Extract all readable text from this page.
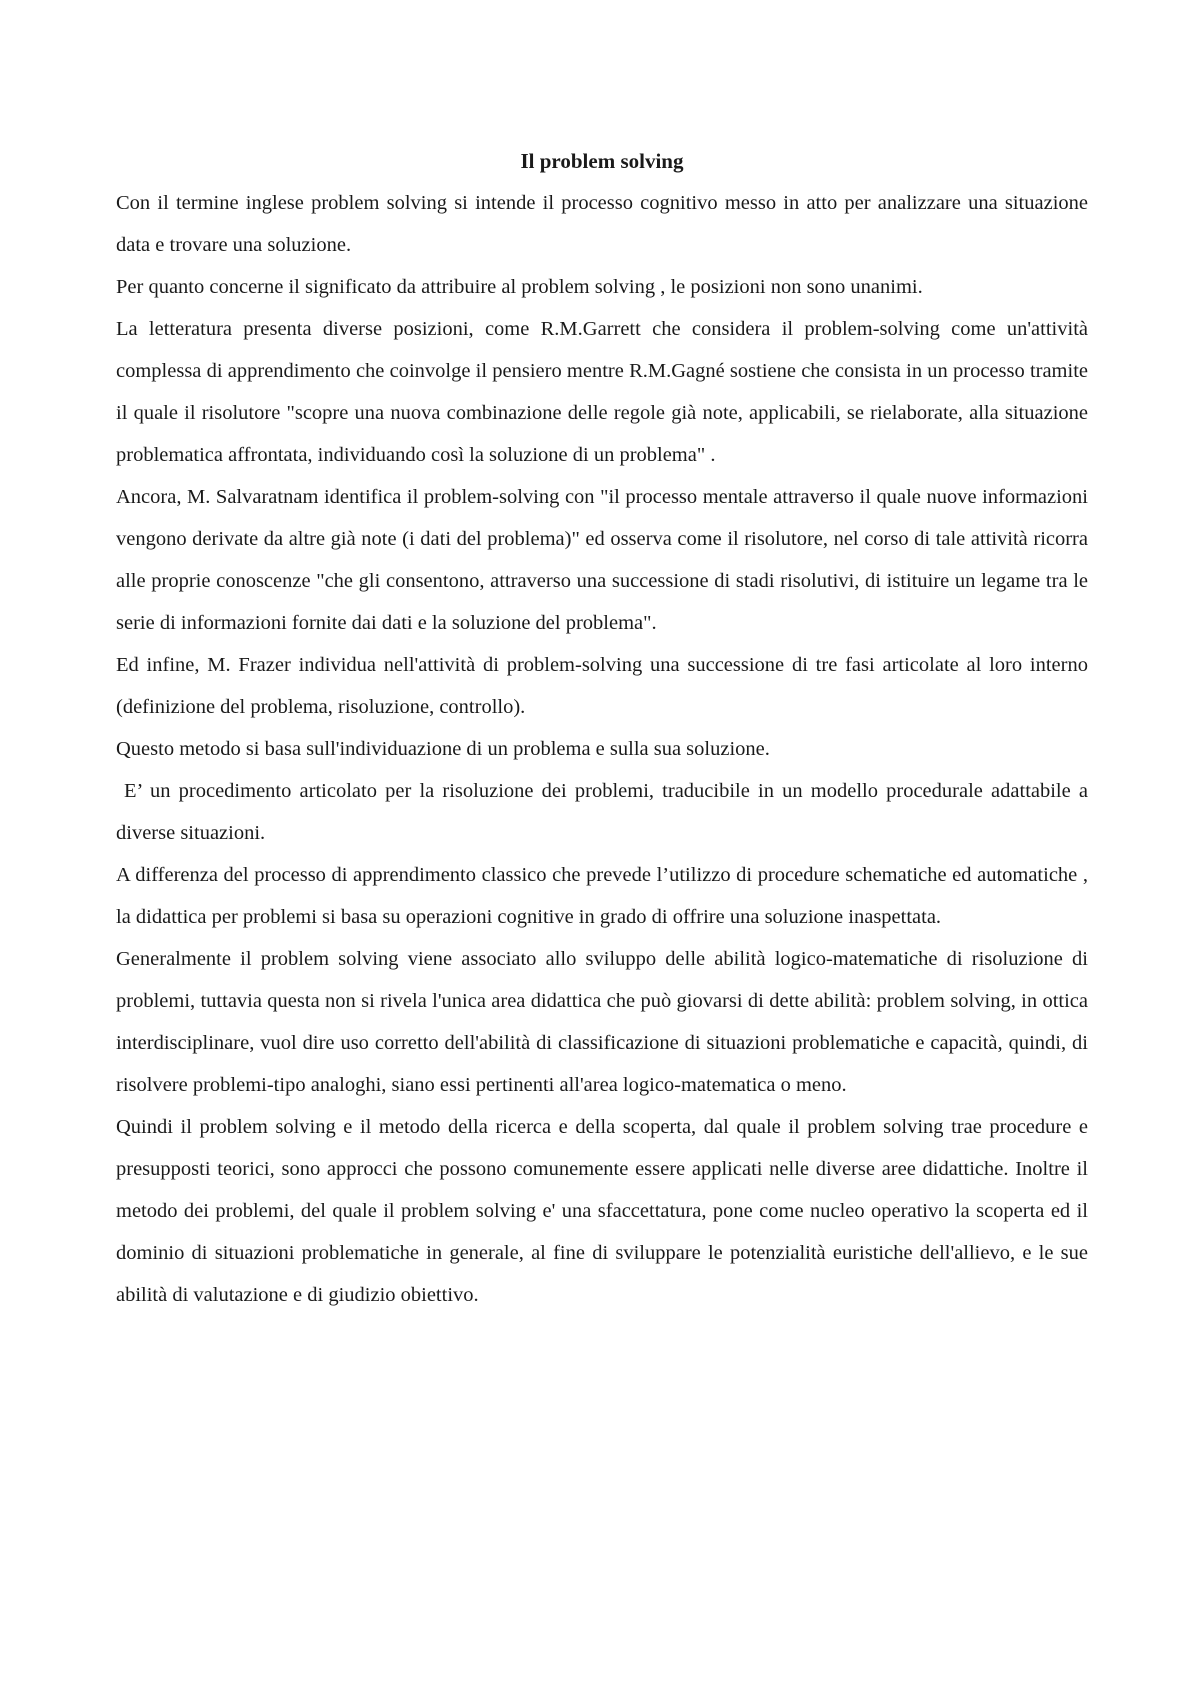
Il problem solving

Con il termine inglese problem solving si intende il processo cognitivo messo in atto per analizzare una situazione data e trovare una soluzione.

Per quanto concerne il significato da attribuire al problem solving , le posizioni non sono unanimi.

La letteratura presenta diverse posizioni, come R.M.Garrett che considera il problem-solving come un'attività complessa di apprendimento che coinvolge il pensiero mentre R.M.Gagné sostiene che consista in un processo tramite il quale il risolutore "scopre una nuova combinazione delle regole già note, applicabili, se rielaborate, alla situazione problematica affrontata, individuando così la soluzione di un problema" .

Ancora, M. Salvaratnam identifica il problem-solving con "il processo mentale attraverso il quale nuove informazioni vengono derivate da altre già note (i dati del problema)" ed osserva come il risolutore, nel corso di tale attività ricorra alle proprie conoscenze "che gli consentono, attraverso una successione di stadi risolutivi, di istituire un legame tra le serie di informazioni fornite dai dati e la soluzione del problema".

Ed infine, M. Frazer individua nell'attività di problem-solving una successione di tre fasi articolate al loro interno (definizione del problema, risoluzione, controllo).

Questo metodo si basa sull'individuazione di un problema e sulla sua soluzione.

E’ un procedimento articolato per la risoluzione dei problemi, traducibile in un modello procedurale adattabile a diverse situazioni.

A differenza del processo di apprendimento classico che prevede l’utilizzo di procedure schematiche ed automatiche , la didattica per problemi si basa su operazioni cognitive in grado di offrire una soluzione inaspettata.

Generalmente il problem solving viene associato allo sviluppo delle abilità logico-matematiche di risoluzione di problemi, tuttavia questa non si rivela l'unica area didattica che può giovarsi di dette abilità: problem solving, in ottica interdisciplinare, vuol dire uso corretto dell'abilità di classificazione di situazioni problematiche e capacità, quindi, di risolvere problemi-tipo analoghi, siano essi pertinenti all'area logico-matematica o meno.

Quindi il problem solving e il metodo della ricerca e della scoperta, dal quale il problem solving trae procedure e presupposti teorici, sono approcci che possono comunemente essere applicati nelle diverse aree didattiche. Inoltre il metodo dei problemi, del quale il problem solving e' una sfaccettatura, pone come nucleo operativo la scoperta ed il dominio di situazioni problematiche in generale, al fine di sviluppare le potenzialità euristiche dell'allievo, e le sue abilità di valutazione e di giudizio obiettivo.
